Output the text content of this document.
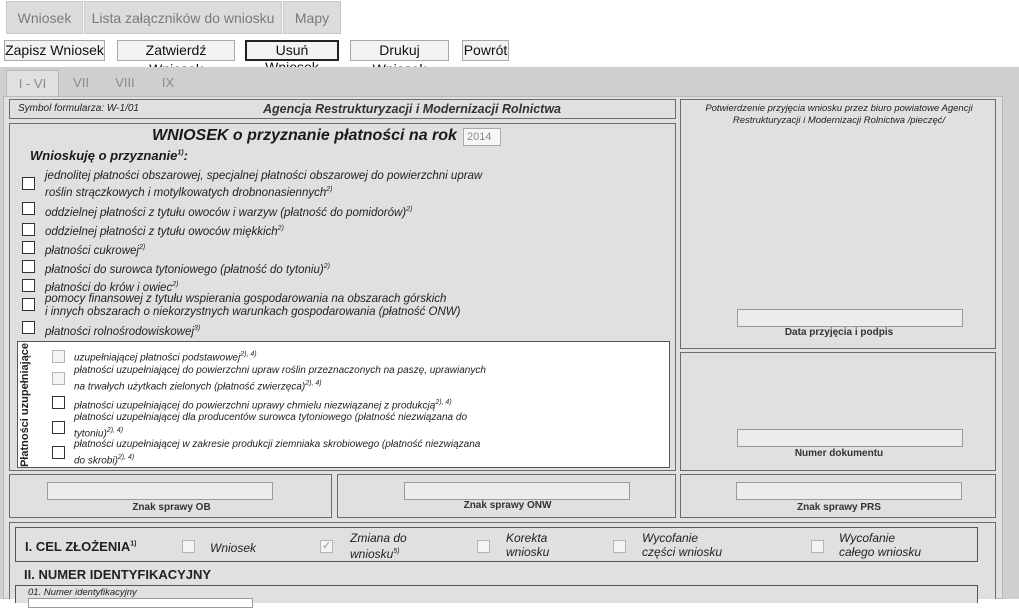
Wniosek	Lista załączników do wniosku	Mapy
Zapisz Wniosek	Zatwierdź	Usuń	Drukuj	Powrót
I - VI	VII	VIII	IX
Symbol formularza: W-1/01	Agencja Restrukturyzacji i Modernizacji Rolnictwa
WNIOSEK o przyznanie płatności na rok 2014
Wnioskuję o przyznanie$^{1)}$:
jednolitej płatności obszarowej, specjalnej płatności obszarowej do powierzchni upraw
roślin strączkowych i motylkowatych drobnonasiennych$^{2)}$
oddzielnej płatności z tytułu owoców i warzyw (płatność do pomidorów)$^{2)}$
oddzielnej płatności z tytułu owoców miękkich$^{2)}$
płatności cukrowej$^{2)}$
płatności do surowca tytoniowego (płatność do tytoniu)$^{2)}$
płatności do krów i owiec$^{2)}$
pomocy finansowej z tytułu wspierania gospodarowania na obszarach górskich
i innych obszarach o niekorzystnych warunkach gospodarowania (płatność ONW)
płatności rolnośrodowiskowej$^{3)}$
Płatności uzupełniające	uzupełniającej płatności podstawowej$^{2), 4)}$
płatności uzupełniającej do powierzchni upraw roślin przeznaczonych na paszę, uprawianych
na trwałych użytkach zielonych (płatność zwierzęca)$^{2), 4)}$
płatności uzupełniającej do powierzchni uprawy chmielu niezwiązanej z produkcją$^{2), 4)}$
płatności uzupełniającej dla producentów surowca tytoniowego (płatność niezwiązana do
tytoniu)$^{2), 4)}$
płatności uzupełniającej w zakresie produkcji ziemniaka skrobiowego (płatność niezwiązana
do skrobi)$^{2), 4)}$
Potwierdzenie przyjęcia wniosku przez biuro powiatowe Agencji Restrukturyzacji i Modernizacji Rolnictwa /pieczęć/
Data przyjęcia i podpis
Numer dokumentu
Znak sprawy OB	Znak sprawy ONW	Znak sprawy PRS
I. CEL ZŁOŻENIA$^{1)}$	Wniosek	✓
Zmiana do
wniosku$^{5)}$
Korekta
wniosku
Wycofanie
części wniosku
Wycofanie
całego wniosku
II. NUMER IDENTYFIKACYJNY
01. Numer identyfikacyjny
